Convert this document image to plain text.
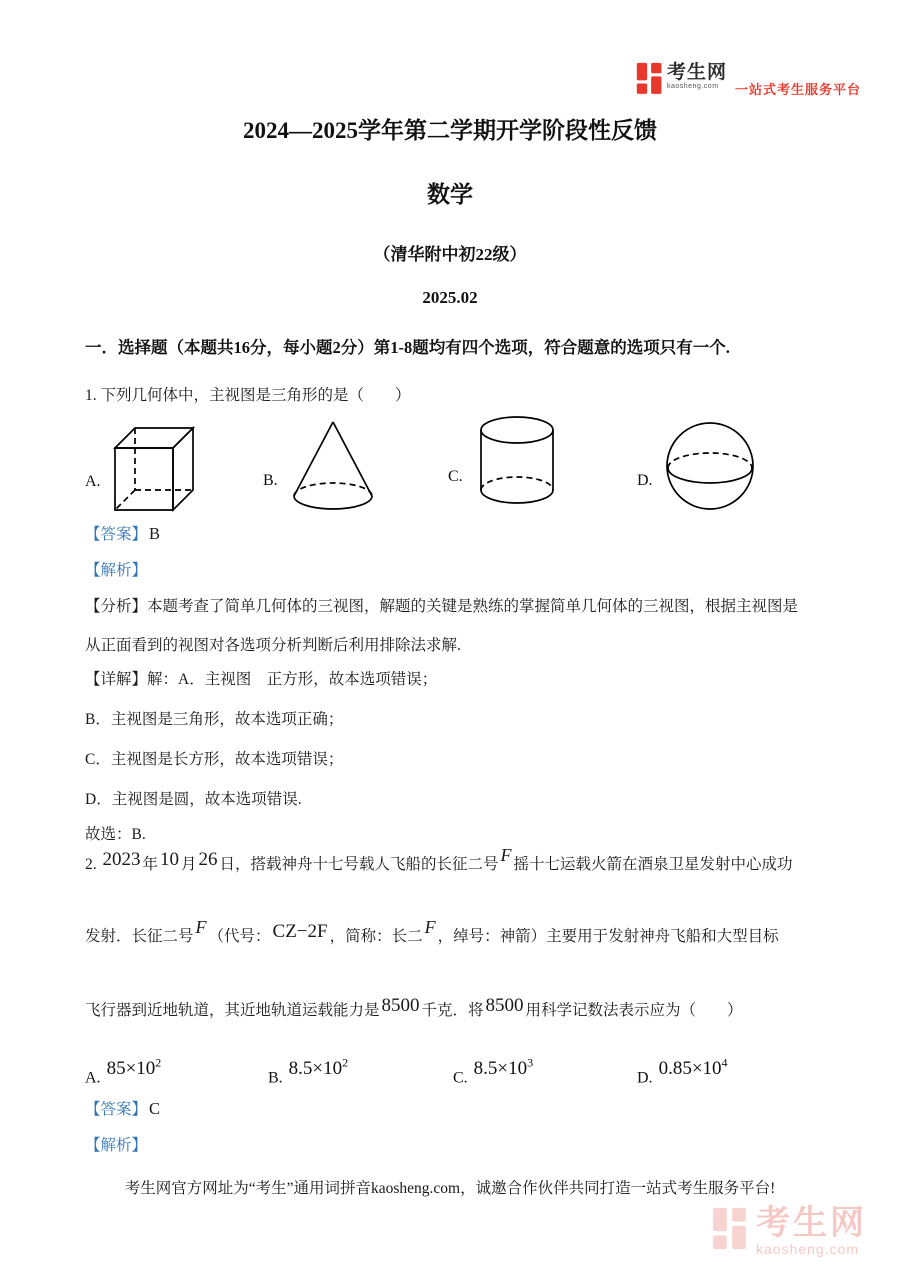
考生网
kaosheng.com	一站式考生服务平台
2024—2025学年第二学期开学阶段性反馈
数学
（清华附中初22级）
2025.02
一．选择题（本题共16分，每小题2分）第1-8题均有四个选项，符合题意的选项只有一个.
1. 下列几何体中，主视图是三角形的是（　　）
A.	B.	C.	D.
【答案】 B
【解析】
【分析】本题考查了简单几何体的三视图，解题的关键是熟练的掌握简单几何体的三视图，根据主视图是
从正面看到的视图对各选项分析判断后利用排除法求解.
【详解】解：A．主视图　正方形，故本选项错误；
B．主视图是三角形，故本选项正确；
C．主视图是长方形，故本选项错误；
D．主视图是圆，故本选项错误.
故选：B.
2. 2023 年 10 月 26 日，搭载神舟十七号载人飞船的长征二号 F 摇十七运载火箭在酒泉卫星发射中心成功
发射．长征二号 F （代号： CZ−2F ，简称：长二 F ，绰号：神箭）主要用于发射神舟飞船和大型目标
飞行器到近地轨道，其近地轨道运载能力是 8500 千克．将 8500 用科学记数法表示应为（　　）
A. $85\times 10^2$
B. $8.5\times 10^2$
C. $8.5\times 10^3$
D. $0.85\times 10^4$
【答案】 C
【解析】
考生网官方网址为“考生”通用词拼音kaosheng.com，诚邀合作伙伴共同打造一站式考生服务平台!
考生网
kaosheng.com
